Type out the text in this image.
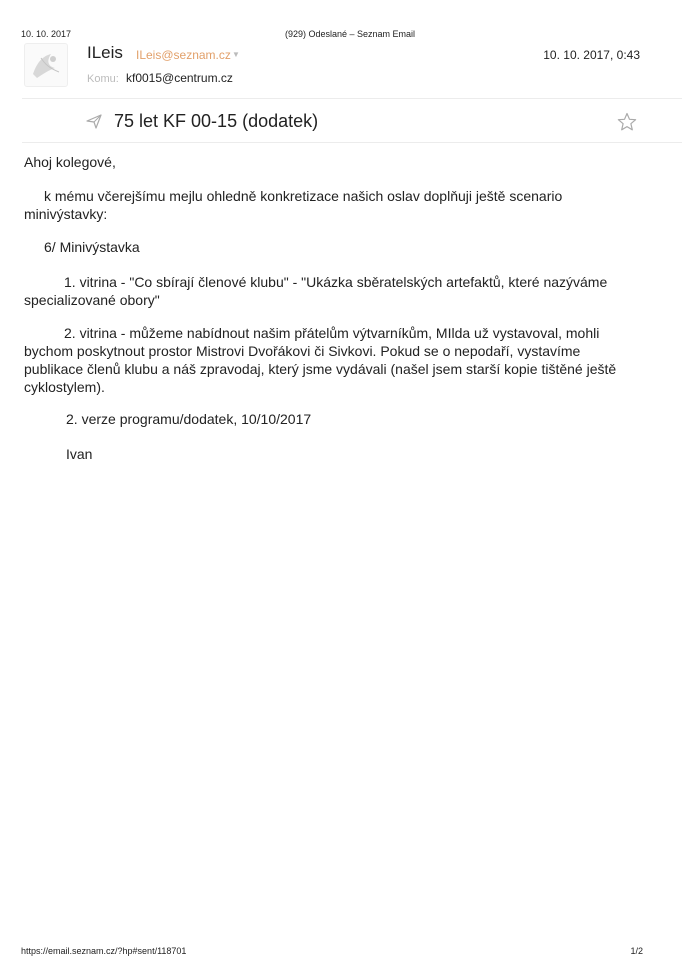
10. 10. 2017	(929) Odeslané – Seznam Email
ILeis ILeis@seznam.cz ▼	10. 10. 2017, 0:43
Komu: kf0015@centrum.cz
75 let KF 00-15 (dodatek)
Ahoj kolegové,
k mému včerejšímu mejlu ohledně konkretizace našich oslav doplňuji ještě scenario minivýstavky:
6/ Minivýstavka
1. vitrina - "Co sbírají členové klubu" - "Ukázka sběratelských artefaktů, které nazýváme specializované obory"
2. vitrina - můžeme nabídnout našim přátelům výtvarníkům, MIlda už vystavoval, mohli bychom poskytnout prostor Mistrovi Dvořákovi či Sivkovi. Pokud se o nepodaří, vystavíme publikace členů klubu a náš zpravodaj, který jsme vydávali (našel jsem starší kopie tištěné ještě cyklostylem).
2. verze programu/dodatek, 10/10/2017
Ivan
https://email.seznam.cz/?hp#sent/118701	1/2
